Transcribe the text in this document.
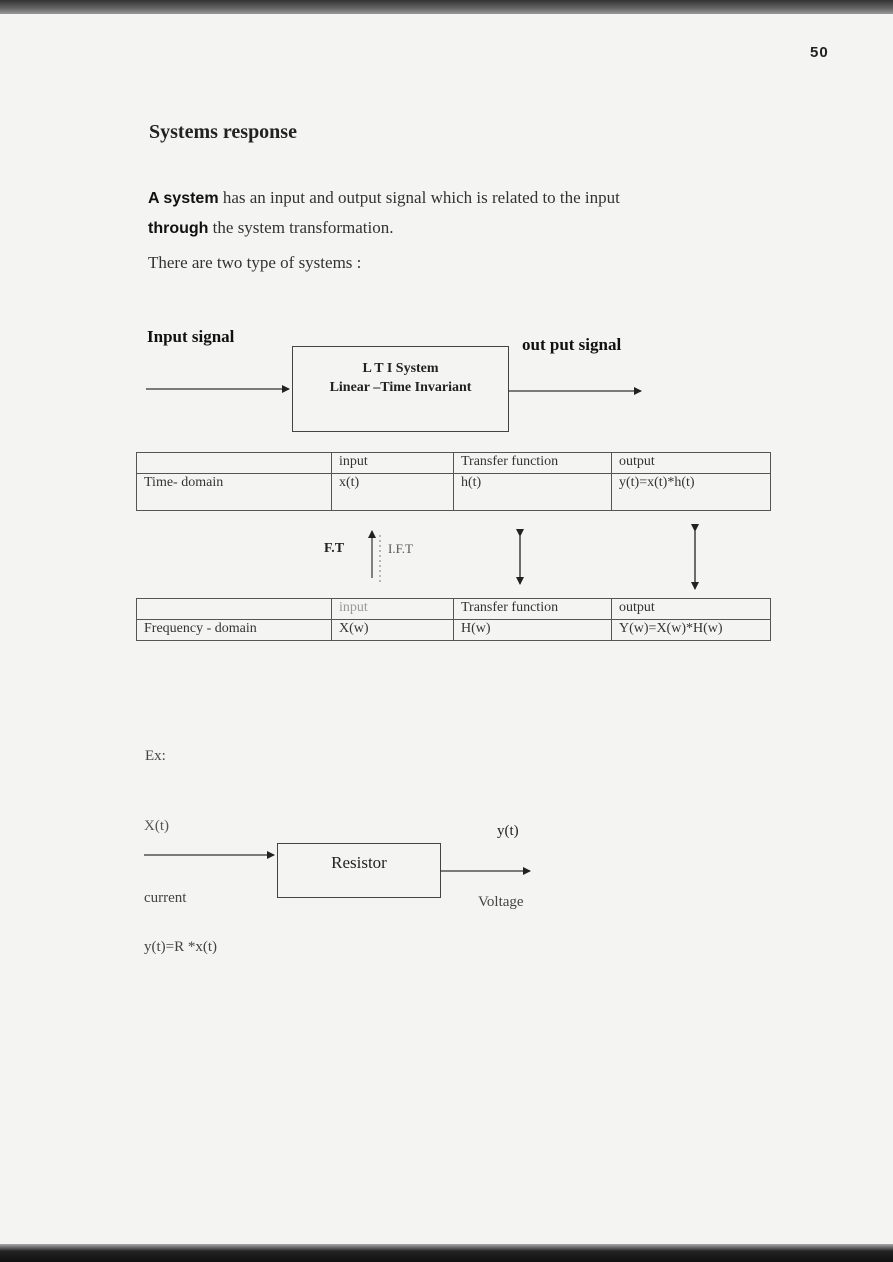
50
Systems response
A system has an input and output signal which is related to the input
through the system transformation.
There are two type of systems :
Input signal	out put signal
L T I System
Linear –Time Invariant
	input	Transfer function	output
Time- domain	x(t)	h(t)	y(t)=x(t)*h(t)
F.T	I.F.T
	input	Transfer function	output
Frequency - domain	X(w)	H(w)	Y(w)=X(w)*H(w)
Ex:
X(t)	y(t)
Resistor
current	Voltage
y(t)=R *x(t)
